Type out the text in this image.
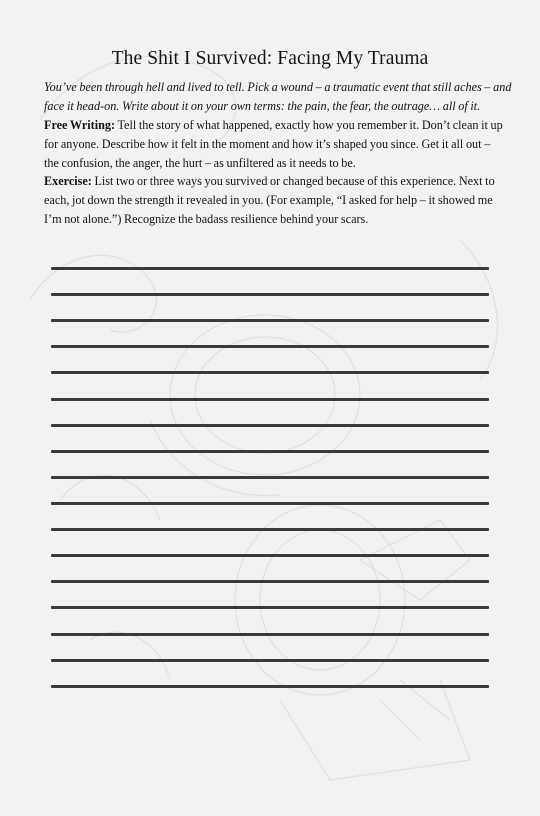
The Shit I Survived: Facing My Trauma

You’ve been through hell and lived to tell. Pick a wound – a traumatic event that still aches – and face it head-on. Write about it on your own terms: the pain, the fear, the outrage… all of it.

Free Writing: Tell the story of what happened, exactly how you remember it. Don’t clean it up for anyone. Describe how it felt in the moment and how it’s shaped you since. Get it all out – the confusion, the anger, the hurt – as unfiltered as it needs to be.

Exercise: List two or three ways you survived or changed because of this experience. Next to each, jot down the strength it revealed in you. (For example, “I asked for help – it showed me I’m not alone.”) Recognize the badass resilience behind your scars.
